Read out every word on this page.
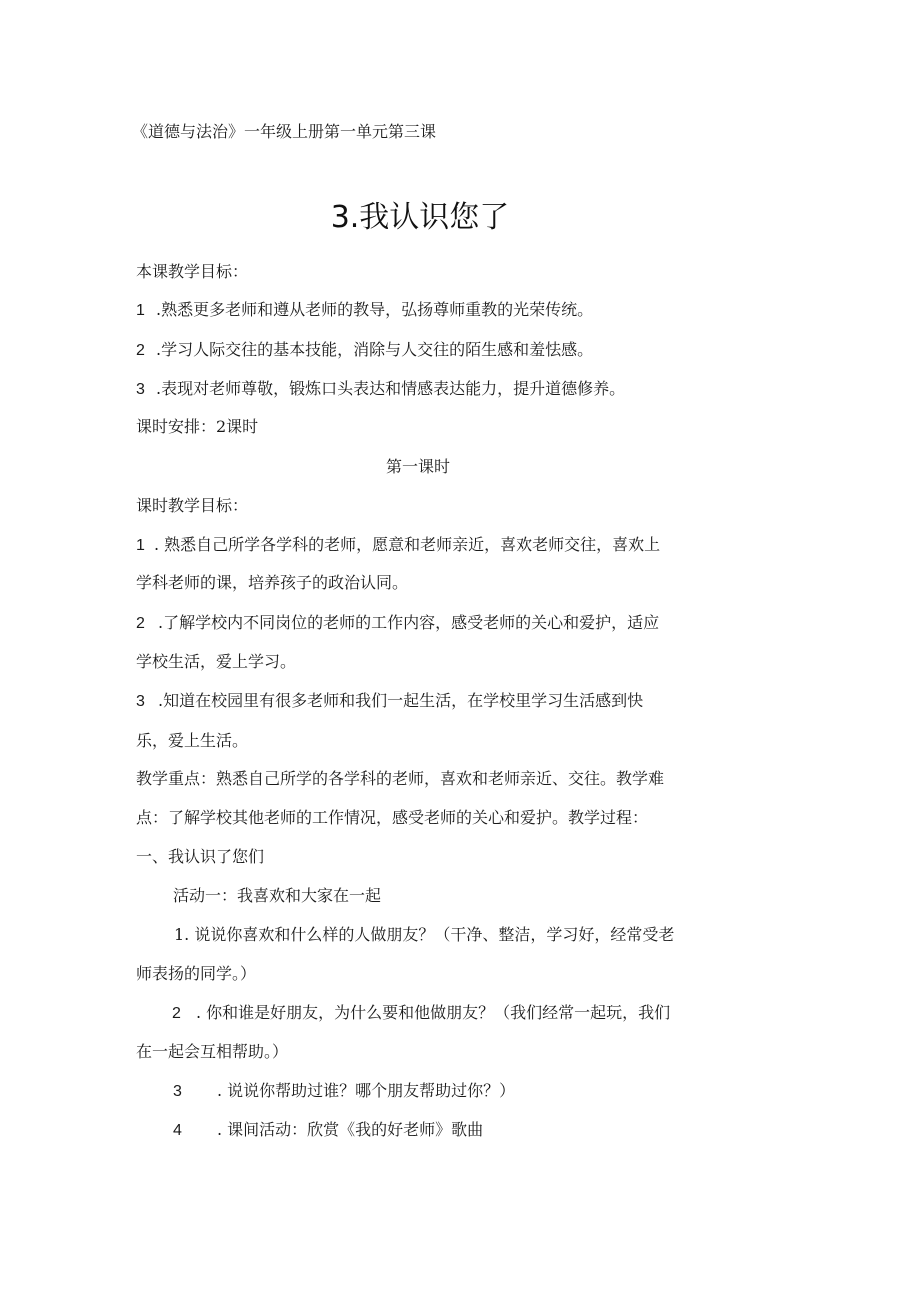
《道德与法治》一年级上册第一单元第三课
3.我认识您了
本课教学目标：
1 .熟悉更多老师和遵从老师的教导，弘扬尊师重教的光荣传统。
2 .学习人际交往的基本技能，消除与人交往的陌生感和羞怯感。
3 .表现对老师尊敬，锻炼口头表达和情感表达能力，提升道德修养。
课时安排：2课时
第一课时
课时教学目标：
1 . 熟悉自己所学各学科的老师，愿意和老师亲近，喜欢老师交往，喜欢上
学科老师的课，培养孩子的政治认同。
2 .了解学校内不同岗位的老师的工作内容，感受老师的关心和爱护，适应
学校生活，爱上学习。
3 .知道在校园里有很多老师和我们一起生活，在学校里学习生活感到快
乐，爱上生活。
教学重点：熟悉自己所学的各学科的老师，喜欢和老师亲近、交往。教学难
点：了解学校其他老师的工作情况，感受老师的关心和爱护。教学过程：
一、我认识了您们
活动一：我喜欢和大家在一起
1. 说说你喜欢和什么样的人做朋友？（干净、整洁，学习好，经常受老
师表扬的同学。）
2 . 你和谁是好朋友，为什么要和他做朋友？（我们经常一起玩，我们
在一起会互相帮助。）
3 . 说说你帮助过谁？哪个朋友帮助过你？）
4 . 课间活动：欣赏《我的好老师》歌曲
